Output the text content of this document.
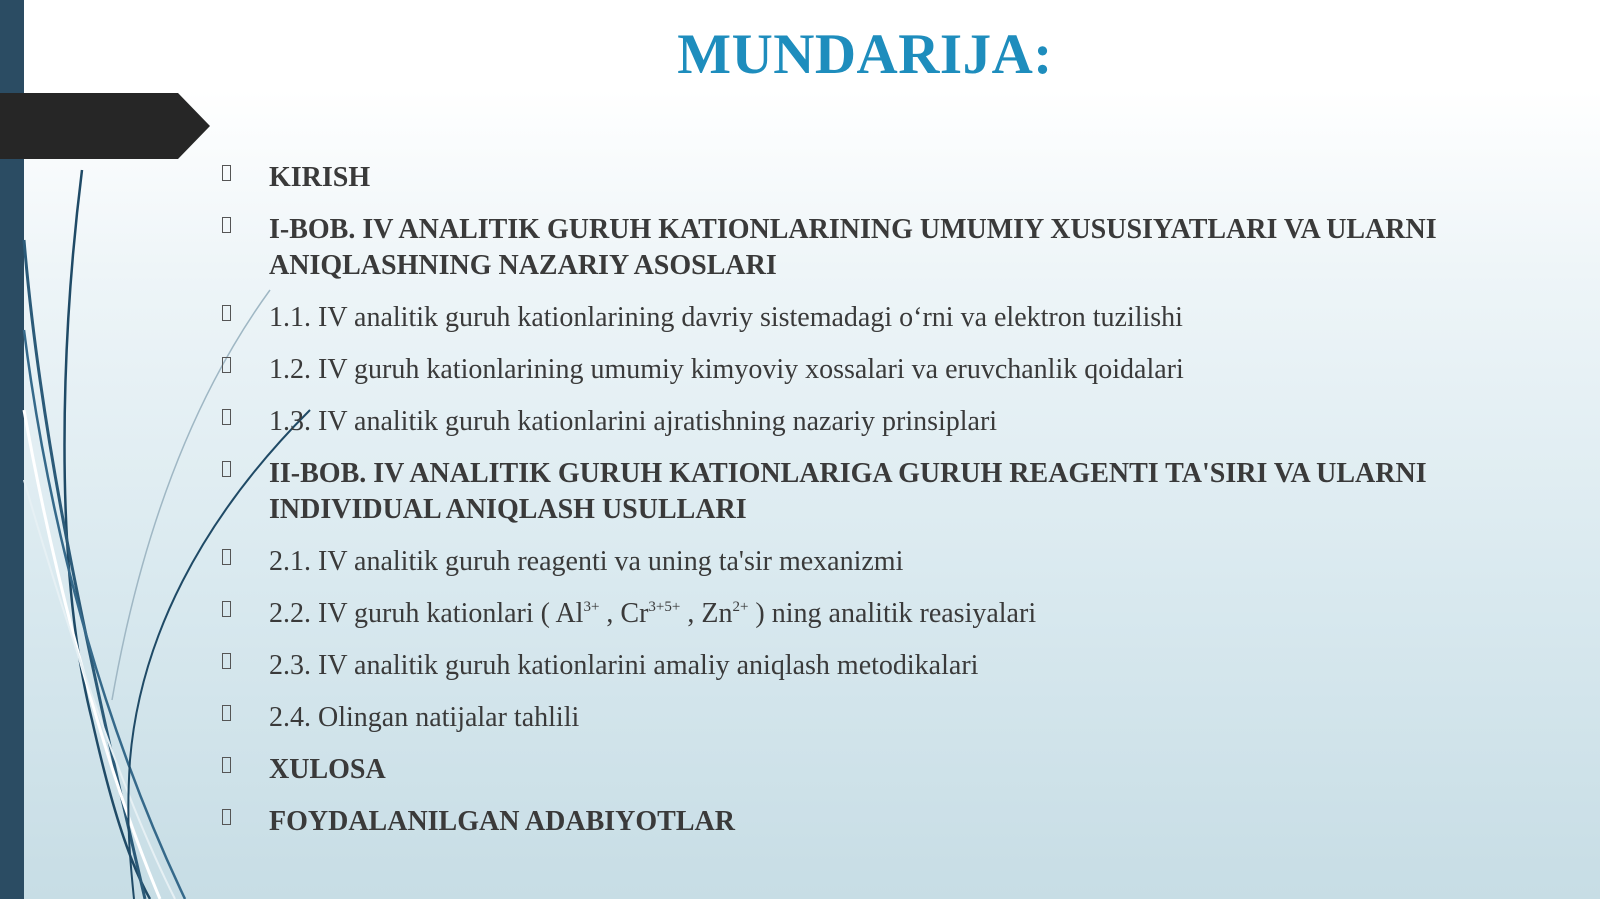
MUNDARIJA:
KIRISH
I-BOB. IV ANALITIK GURUH KATIONLARINING UMUMIY XUSUSIYATLARI VA ULARNI ANIQLASHNING NAZARIY ASOSLARI
1.1. IV analitik guruh kationlarining davriy sistemadagi o‘rni va elektron tuzilishi
1.2. IV guruh kationlarining umumiy kimyoviy xossalari va eruvchanlik qoidalari
1.3. IV analitik guruh kationlarini ajratishning nazariy prinsiplari
II-BOB. IV ANALITIK GURUH KATIONLARIGA GURUH REAGENTI TA'SIRI VA ULARNI INDIVIDUAL ANIQLASH USULLARI
2.1. IV analitik guruh reagenti va uning ta'sir mexanizmi
2.2. IV guruh kationlari ( $Al^{3+}$ , $Cr^{3+5+}$ , $Zn^{2+}$ ) ning analitik reasiyalari
2.3. IV analitik guruh kationlarini amaliy aniqlash metodikalari
2.4. Olingan natijalar tahlili
XULOSA
FOYDALANILGAN ADABIYOTLAR
